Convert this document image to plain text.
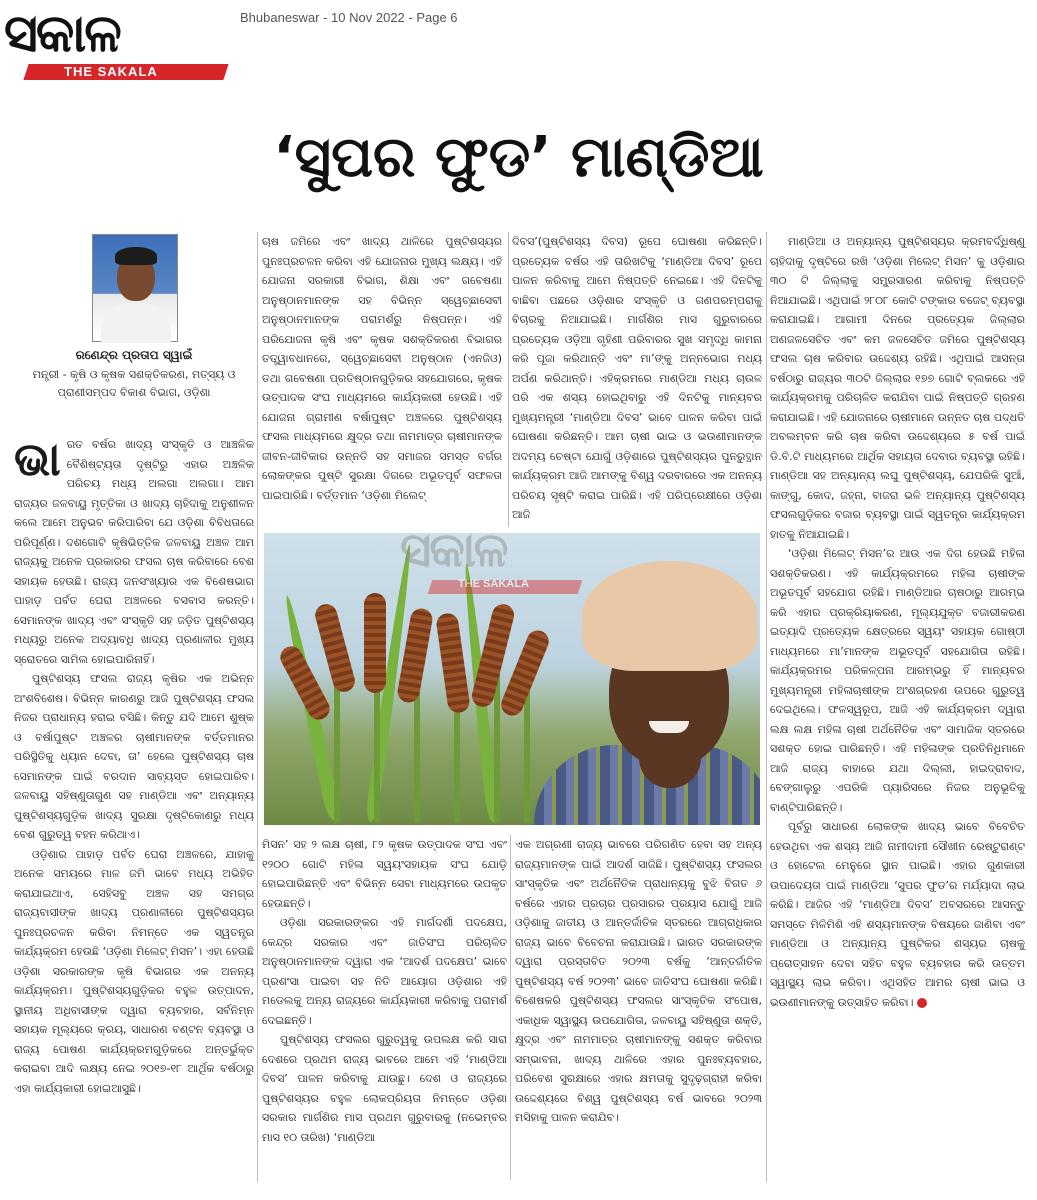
ସକାଳ
THE SAKALA
Bhubaneswar - 10 Nov 2022 - Page 6
‘ସୁପର ଫୁଡ’ ମାଣ୍ଡିଆ
ରଣେନ୍ଦ୍ର ପ୍ରତାପ ସ୍ୱାଇଁ
ମନ୍ତ୍ରୀ - କୃଷି ଓ କୃଷକ ସଶକ୍ତିକରଣ, ମତ୍ସ୍ୟ ଓ ପ୍ରାଣୀସମ୍ପଦ ବିକାଶ ବିଭାଗ, ଓଡ଼ିଶା

ଭାରତ ବର୍ଷର ଖାଦ୍ୟ ସଂସ୍କୃତି ଓ ଆଞ୍ଚଳିକ ବୈଶିଷ୍ଟ୍ୟତା ଦୃଷ୍ଟିରୁ ଏହାର ଅଞ୍ଚଳିକ ପରିଚୟ ମଧ୍ୟ ଅଲଗା ଅଲଗା। ଆମ ରାଜ୍ୟର ଜଳବାୟୁ ମୃତ୍ତିକା ଓ ଖାଦ୍ୟ ଚାହିଦାକୁ ଅନୁଶୀଳନ କଲେ ଆମେ ଅନୁଭବ କରିପାରିବା ଯେ ଓଡ଼ିଶା ବିବିଧତାରେ ପରିପୂର୍ଣ୍ଣ। ଦଶଗୋଟି କୃଷିଭିତ୍ତିକ ଜଳବାୟୁ ଅଞ୍ଚଳ ଆମ ରାଜ୍ୟକୁ ଅନେକ ପ୍ରକାରର ଫସଲ ଚାଷ କରିବାରେ ବେଶ ସହାୟକ ହେଉଛି। ରାଜ୍ୟ ଜନସଂଖ୍ୟାର ଏକ ବିଶେଷଭାଗ ପାହାଡ଼ ପର୍ବତ ଘେରା ଅଞ୍ଚଳରେ ବସବାସ କରନ୍ତି। ସେମାନଙ୍କ ଖାଦ୍ୟ ଏବଂ ସଂସ୍କୃତି ସହ ଜଡ଼ିତ ପୁଷ୍ଟିଶସ୍ୟ ମଧ୍ୟରୁ ଅନେକ ଅଦ୍ୟାବଧି ଖାଦ୍ୟ ପ୍ରଣାଳୀର ମୁଖ୍ୟ ସ୍ରୋତରେ ସାମିଲ ହୋଇପାରିନାହିଁ।

ପୁଷ୍ଟିଶସ୍ୟ ଫସଲ ରାଜ୍ୟ କୃଷିର ଏକ ଅଭିନ୍ନ ଅଂଶବିଶେଷ। ବିଭିନ୍ନ କାରଣରୁ ଆଜି ପୁଷ୍ଟିଶସ୍ୟ ଫସଲ ନିଜର ପ୍ରାଧାନ୍ୟ ହରାଇ ବସିଛି। କିନ୍ତୁ ଯଦି ଆମେ ଶୁଷ୍କ ଓ ବର୍ଷାପୁଷ୍ଟ ଅଞ୍ଚଳର ଚାଷୀମାନଙ୍କ ବର୍ତ୍ତମାନର ପରିସ୍ଥିତିକୁ ଧ୍ୟାନ ଦେବା, ତା’ ହେଲେ ପୁଷ୍ଟିଶସ୍ୟ ଚାଷ ସେମାନଙ୍କ ପାଇଁ ବରଦାନ ସାବ୍ୟସ୍ତ ହୋଇପାରିବ। ଜଳବାୟୁ ସହିଷ୍ଣୁତାଗୁଣ ସହ ମାଣ୍ଡିଆ ଏବଂ ଅନ୍ୟାନ୍ୟ ପୁଷ୍ଟିଶସ୍ୟଗୁଡ଼ିକ ଖାଦ୍ୟ ସୁରକ୍ଷା ଦୃଷ୍ଟିକୋଣରୁ ମଧ୍ୟ ବେଶ ଗୁରୁତ୍ୱ ବହନ କରିଥାଏ।

ଓଡ଼ିଶାର ପାହାଡ଼ ପର୍ବତ ଘେରା ଅଞ୍ଚଳରେ, ଯାହାକୁ ଅନେକ ସମୟରେ ମାଳ ଜମି ଭାବେ ମଧ୍ୟ ଅଭିହିତ କରାଯାଇଥାଏ, ସେହିସବୁ ଅଞ୍ଚଳ ସହ ସମଗ୍ର ରାଜ୍ୟବାସୀଙ୍କ ଖାଦ୍ୟ ପ୍ରଣାଳୀରେ ପୁଷ୍ଟିଶସ୍ୟର ପୁନଃପ୍ରଚଳନ କରିବା ନିମନ୍ତେ ଏକ ସ୍ୱତନ୍ତ୍ର କାର୍ଯ୍ୟକ୍ରମ ହେଉଛି ‘ଓଡ଼ିଶା ମିଲେଟ୍ ମିସନ’। ଏହା ହେଉଛି ଓଡ଼ିଶା ସରକାରଙ୍କ କୃଷି ବିଭାଗର ଏକ ଅନନ୍ୟ କାର୍ଯ୍ୟକ୍ରମ। ପୁଷ୍ଟିଶସ୍ୟଗୁଡ଼ିକର ବହୁଳ ଉତ୍ପାଦନ, ସ୍ଥାନୀୟ ଅଧିବାସୀଙ୍କ ଦ୍ୱାରା ବ୍ୟବହାର, ସର୍ବନିମ୍ନ ସହାୟକ ମୂଲ୍ୟରେ କ୍ରୟ, ସାଧାରଣ ବଣ୍ଟନ ବ୍ୟବସ୍ଥା ଓ ରାଜ୍ୟ ପୋଷଣ କାର୍ଯ୍ୟକ୍ରମଗୁଡ଼ିକରେ ଅନ୍ତର୍ଭୁକ୍ତ କରାଇବା ଆଦି ଲକ୍ଷ୍ୟ ନେଇ ୨୦୧୭-୧୮ ଆର୍ଥିକ ବର୍ଷଠାରୁ ଏହା କାର୍ଯ୍ୟକାରୀ ହୋଇଆସୁଛି।

ଚାଷ ଜମିରେ ଏବଂ ଖାଦ୍ୟ ଥାଳିରେ ପୁଷ୍ଟିଶସ୍ୟର ପୁନଃପ୍ରଚଳନ କରିବା ଏହି ଯୋଜନାର ମୁଖ୍ୟ ଲକ୍ଷ୍ୟ। ଏହି ଯୋଜନା ସରକାରୀ ବିଭାଗ, ଶିକ୍ଷା ଏବଂ ଗବେଷଣା ଅନୁଷ୍ଠାନମାନଙ୍କ ସହ ବିଭିନ୍ନ ସ୍ୱେଚ୍ଛାସେବୀ ଅନୁଷ୍ଠାନମାନଙ୍କ ପରାମର୍ଶରୁ ନିଷ୍ପନ୍ନ। ଏହି ପରିଯୋଜନା କୃଷି ଏବଂ କୃଷକ ସଶକ୍ତିକରଣ ବିଭାଗର ତତ୍ତ୍ୱାବଧାନରେ, ସ୍ୱେଚ୍ଛାସେବୀ ଅନୁଷ୍ଠାନ (ଏନଜିଓ) ତଥା ଗବେଷଣା ପ୍ରତିଷ୍ଠାନଗୁଡ଼ିକର ସହଯୋଗରେ, କୃଷକ ଉତ୍ପାଦକ ସଂଘ ମାଧ୍ୟମରେ କାର୍ଯ୍ୟକାରୀ ହେଉଛି। ଏହି ଯୋଜନା ଗ୍ରାମୀଣ ବର୍ଷାପୁଷ୍ଟ ଅଞ୍ଚଳରେ ପୁଷ୍ଟିଶସ୍ୟ ଫସଲ ମାଧ୍ୟମରେ କ୍ଷୁଦ୍ର ତଥା ନାମମାତ୍ର ଚାଷୀମାନଙ୍କ ଜୀବନ-ଜୀବିକାର ଉନ୍ନତି ସହ ସମାଜର ସମସ୍ତ ବର୍ଗର ଲୋକଙ୍କର ପୁଷ୍ଟି ସୁରକ୍ଷା ଦିଗରେ ଅଭୂତପୂର୍ବ ସଫଳତା ପାଇପାରିଛି। ବର୍ତ୍ତମାନ ‘ଓଡ଼ିଶା ମିଲେଟ୍

ଦିବସ’(ପୁଷ୍ଟିଶସ୍ୟ ଦିବସ) ରୂପେ ଘୋଷଣା କରିଛନ୍ତି। ପ୍ରତ୍ୟେକ ବର୍ଷର ଏହି ତାରିଖଟିକୁ ‘ମାଣ୍ଡିଆ ଦିବସ’ ରୂପେ ପାଳନ କରିବାକୁ ଆମେ ନିଷ୍ପତ୍ତି ନେଇଛେ। ଏହି ଦିନଟିକୁ ବାଛିବା ପଛରେ ଓଡ଼ିଶାର ସଂସ୍କୃତି ଓ ଗଣପରମ୍ପରାକୁ ବିଚାରକୁ ନିଆଯାଇଛି। ମାର୍ଗଶିର ମାସ ଗୁରୁବାରରେ ପ୍ରତ୍ୟେକ ଓଡ଼ିଆ ଗୃହିଣୀ ପରିବାରର ସୁଖ ସମୃଦ୍ଧି କାମନା କରି ପୂଜା କରିଥାନ୍ତି ଏବଂ ମା’ଙ୍କୁ ଅନ୍ନଭୋଗ ମଧ୍ୟ ଅର୍ପଣ କରିଥାନ୍ତି। ଏହିକ୍ରମରେ ମାଣ୍ଡିଆ ମଧ୍ୟ ଚାଉଳ ପରି ଏକ ଶସ୍ୟ ହୋଇଥିବାରୁ ଏହି ଦିନଟିକୁ ମାନ୍ୟବର ମୁଖ୍ୟମନ୍ତ୍ରୀ ‘ମାଣ୍ଡିଆ ଦିବସ’ ଭାବେ ପାଳନ କରିବା ପାଇଁ ଘୋଷଣା କରିଛନ୍ତି। ଆମ ଚାଷୀ ଭାଇ ଓ ଭଉଣୀମାନଙ୍କ ଅଦମ୍ୟ ଚେଷ୍ଟା ଯୋଗୁଁ ଓଡ଼ିଶାରେ ପୁଷ୍ଟିଶସ୍ୟର ପୁନରୁତ୍ଥାନ କାର୍ଯ୍ୟକ୍ରମ ଆଜି ଆମଙ୍କୁ ବିଶ୍ୱ ଦରବାରରେ ଏକ ଅନନ୍ୟ ପରିଚୟ ସୃଷ୍ଟି କରାଇ ପାରିଛି। ଏହି ପରିପ୍ରେକ୍ଷୀରେ ଓଡ଼ିଶା ଆଜି

ସକାଳ
THE SAKALA

ମିସନ’ ସହ ୨ ଲକ୍ଷ ଚାଷୀ, ୮୨ କୃଷକ ଉତ୍ପାଦକ ସଂଘ ଏବଂ ୧୨୦୦ ଗୋଟି ମହିଳା ସ୍ୱୟଂସହାୟକ ସଂଘ ଯୋଡ଼ି ହୋଇପାରିଛନ୍ତି ଏବଂ ବିଭିନ୍ନ ସେବା ମାଧ୍ୟମରେ ଉପକୃତ ହେଉଛନ୍ତି।

ଓଡ଼ିଶା ସରକାରଙ୍କର ଏହି ମାର୍ଗଦର୍ଶୀ ପଦକ୍ଷେପ, କେନ୍ଦ୍ର ସରକାର ଏବଂ ଜାତିସଂଘ ପରିଚାଳିତ ଅନୁଷ୍ଠାନମାନଙ୍କ ଦ୍ୱାରା ଏକ ‘ଆଦର୍ଶ ପଦକ୍ଷେପ’ ଭାବେ ପ୍ରଶଂସା ପାଇବା ସହ ନିତି ଆୟୋଗ ଓଡ଼ିଶାର ଏହି ମଡେଲକୁ ଅନ୍ୟ ରାଜ୍ୟରେ କାର୍ଯ୍ୟକାରୀ କରିବାକୁ ପରାମର୍ଶ ଦେଇଛନ୍ତି।

ପୁଷ୍ଟିଶସ୍ୟ ଫସଲର ଗୁରୁତ୍ୱକୁ ଉପଲକ୍ଷ କରି ସାରା ଦେଶରେ ପ୍ରଥମ ରାଜ୍ୟ ଭାବରେ ଆମେ ଏହି ‘ମାଣ୍ଡିଆ ଦିବସ’ ପାଳନ କରିବାକୁ ଯାଉଛୁ। ଦେଶ ଓ ରାଜ୍ୟରେ ପୁଷ୍ଟିଶସ୍ୟର ବହୁଳ ଲୋକପ୍ରିୟତା ନିମନ୍ତେ ଓଡ଼ିଶା ସରକାର ମାର୍ଗଶିର ମାସ ପ୍ରଥମ ଗୁରୁବାରକୁ (ନଭେମ୍ବର ମାସ ୧୦ ତାରିଖ) ‘ମାଣ୍ଡିଆ

ଏକ ଅଗ୍ରଣୀ ରାଜ୍ୟ ଭାବରେ ପରିଗଣିତ ହେବା ସହ ଅନ୍ୟ ରାଜ୍ୟମାନଙ୍କ ପାଇଁ ଆଦର୍ଶ ସାଜିଛି। ପୁଷ୍ଟିଶସ୍ୟ ଫସଲର ସାଂସ୍କୃତିକ ଏବଂ ଅର୍ଥନୈତିକ ପ୍ରାଧାନ୍ୟକୁ ବୁଝି ବିଗତ ୬ ବର୍ଷରେ ଏହାର ପ୍ରଚାର ପ୍ରସାରର ପ୍ରୟାସ ଯୋଗୁଁ ଆଜି ଓଡ଼ିଶାକୁ ଜାତୀୟ ଓ ଆନ୍ତର୍ଜାତିକ ସ୍ତରରେ ଆଗ୍ରାଧିକାର ରାଜ୍ୟ ଭାବେ ବିବେଚନା କରାଯାଉଛି। ଭାରତ ସରକାରଙ୍କ ଦ୍ୱାରା ପ୍ରସ୍ତାବିତ ୨୦୨୩ ବର୍ଷକୁ ‘ଆନ୍ତର୍ଜାତିକ ପୁଷ୍ଟିଶସ୍ୟ ବର୍ଷ ୨୦୨୩’ ଭାବେ ଜାତିସଂଘ ଘୋଷଣା କରିଛି। ବିଶେଷକରି ପୁଷ୍ଟିଶସ୍ୟ ଫସଲର ସାଂସ୍କୃତିକ ସଂପୋଷ, ଏକାଧିକ ସ୍ୱାସ୍ଥ୍ୟ ଉପଯୋଗିତା, ଜଳବାୟୁ ସହିଷ୍ଣୁତା ଶକ୍ତି, କ୍ଷୁଦ୍ର ଏବଂ ନାମମାତ୍ର ଚାଷୀମାନଙ୍କୁ ସଶକ୍ତ କରିବାର ସମ୍ଭାବନା, ଖାଦ୍ୟ ଥାଳିରେ ଏହାର ପୁନଃବ୍ୟବହାର, ପରିବେଶ ସୁରକ୍ଷାରେ ଏହାର କ୍ଷମତାକୁ ସୁଦୃଢ଼ଗ୍ରାହୀ କରିବା ଉଦ୍ଦେଶ୍ୟରେ ବିଶ୍ୱ ପୁଷ୍ଟିଶସ୍ୟ ବର୍ଷ ଭାବରେ ୨୦୨୩ ମସିହାକୁ ପାଳନ କରାଯିବ।

ମାଣ୍ଡିଆ ଓ ଅନ୍ୟାନ୍ୟ ପୁଷ୍ଟିଶସ୍ୟର କ୍ରମବର୍ଦ୍ଧିଷ୍ଣୁ ଚାହିଦାକୁ ଦୃଷ୍ଟିରେ ରଖି ‘ଓଡ଼ିଶା ମିଲେଟ୍ ମିସନ’ କୁ ଓଡ଼ିଶାର ୩୦ ଟି ଜିଲ୍ଲାକୁ ସମ୍ପ୍ରସାରଣ କରିବାକୁ ନିଷ୍ପତ୍ତି ନିଆଯାଇଛି। ଏଥିପାଇଁ ୨୮୦୮ କୋଟି ଟଙ୍କାର ବଜେଟ୍ ବ୍ୟବସ୍ଥା କରାଯାଇଛି। ଆଗାମୀ ଦିନରେ ପ୍ରତ୍ୟେକ ଜିଲ୍ଲାର ଅଣଜଳସେଚିତ ଏବଂ କମ ଜଳସେଚିତ ଜମିରେ ପୁଷ୍ଟିଶସ୍ୟ ଫସଲ ଚାଷ କରିବାର ଉଦ୍ଦେଶ୍ୟ ରହିଛି। ଏଥିପାଇଁ ଆସନ୍ତା ବର୍ଷଠାରୁ ରାଜ୍ୟର ୩୦ଟି ଜିଲ୍ଲାର ୧୭୭ ଗୋଟି ବ୍ଲକରେ ଏହି କାର୍ଯ୍ୟକ୍ରମକୁ ପରିଚାଳିତ କରାଯିବା ପାଇଁ ନିଷ୍ପତ୍ତି ଗ୍ରହଣ କରାଯାଇଛି। ଏହି ଯୋଜନାରେ ଚାଷୀମାନେ ଉନ୍ନତ ଚାଷ ପଦ୍ଧତି ଅବଲମ୍ବନ କରି ଚାଷ କରିବା ଉଦ୍ଦେଶ୍ୟରେ ୫ ବର୍ଷ ପାଇଁ ଡି.ବି.ଟି ମାଧ୍ୟମରେ ଆର୍ଥିକ ସହାୟତା ଦେବାର ବ୍ୟବସ୍ଥା ରହିଛି। ମାଣ୍ଡିଆ ସହ ଅନ୍ୟାନ୍ୟ ଲଘୁ ପୁଷ୍ଟିଶସ୍ୟ, ଯେପରିକି ସୁଆଁ, କାଙ୍ଗୁ, କୋଦ, ଜହ୍ନା, ବାଜରା ଭଳି ଅନ୍ୟାନ୍ୟ ପୁଷ୍ଟିଶସ୍ୟ ଫସଲଗୁଡ଼ିକର ବଜାର ବ୍ୟବସ୍ଥା ପାଇଁ ସ୍ୱତନ୍ତ୍ର କାର୍ଯ୍ୟକ୍ରମ ହାତକୁ ନିଆଯାଇଛି।

‘ଓଡ଼ିଶା ମିଲେଟ୍ ମିସନ’ର ଆଉ ଏକ ଦିଗ ହେଉଛି ମହିଳା ସଶକ୍ତିକରଣ। ଏହି କାର୍ଯ୍ୟକ୍ରମରେ ମହିଳା ଚାଷୀଙ୍କ ଅଭୂତପୂର୍ବ ସହଯୋଗ ରହିଛି। ମାଣ୍ଡିଆର ଚାଷଠାରୁ ଆରମ୍ଭ କରି ଏହାର ପ୍ରକ୍ରିୟାକରଣ, ମୂଲ୍ୟଯୁକ୍ତ ବଜାରୀକରଣ ଇତ୍ୟାଦି ପ୍ରତ୍ୟେକ କ୍ଷେତ୍ରରେ ସ୍ୱୟଂ ସହାୟକ ଗୋଷ୍ଠୀ ମାଧ୍ୟମରେ ମା’ମାନଙ୍କ ଅଭୂତପୂର୍ବ ସହଯୋଗିତା ରହିଛି। କାର୍ଯ୍ୟକ୍ରମର ପରିକଳ୍ପନା ଆରମ୍ଭରୁ ହିଁ ମାନ୍ୟବର ମୁଖ୍ୟମନ୍ତ୍ରୀ ମହିଳାଚାଷୀଙ୍କ ଅଂଶଗ୍ରହଣ ଉପରେ ଗୁରୁତ୍ୱ ଦେଇଥିଲେ। ଫଳସ୍ୱରୂପ, ଆଜି ଏହି କାର୍ଯ୍ୟକ୍ରମ ଦ୍ୱାରା ଲକ୍ଷ ଲକ୍ଷ ମହିଳା ଚାଷୀ ଅର୍ଥନୈତିକ ଏବଂ ସାମାଜିକ ସ୍ତରରେ ସଶକ୍ତ ହୋଇ ପାରିଛନ୍ତି। ଏହି ମହିଳାଙ୍କ ପ୍ରତିନିଧିମାନେ ଆଜି ରାଜ୍ୟ ବାହାରେ ଯଥା ଦିଲ୍ଲୀ, ହାଇଦ୍ରାବାଦ, ବେଙ୍ଗାଲୁରୁ ଏପରିକି ପ୍ୟାରିସରେ ନିଜର ଅନୁଭୂତିକୁ ବାଣ୍ଟିପାରିଛନ୍ତି।

ପୂର୍ବରୁ ସାଧାରଣ ଲୋକଙ୍କ ଖାଦ୍ୟ ଭାବେ ବିବେଚିତ ହେଉଥିବା ଏକ ଶସ୍ୟ ଆଜି ନାମୀଦାମୀ ସୌଖୀନ ରେଷ୍ଟୁରାଣ୍ଟ ଓ ହୋଟେଲ ମେନୁରେ ସ୍ଥାନ ପାଇଛି। ଏହାର ଗୁଣକାରୀ ଉପାଦେୟତା ପାଇଁ ମାଣ୍ଡିଆ ‘ସୁପର ଫୁଡ’ର ମର୍ଯ୍ୟାଦା ଲାଭ କରିଛି। ଆଜିର ଏହି ‘ମାଣ୍ଡିଆ ଦିବସ’ ଅବସରରେ ଆସନ୍ତୁ ସମସ୍ତେ ମିଳିମିଶି ଏହି ଶସ୍ୟମାନଙ୍କ ବିଷୟରେ ଜାଣିବା ଏବଂ ମାଣ୍ଡିଆ ଓ ଅନ୍ୟାନ୍ୟ ପୁଷ୍ଟିକର ଶସ୍ୟର ଚାଷକୁ ପ୍ରୋତ୍ସାହନ ଦେବା ସହିତ ବହୁଳ ବ୍ୟବହାର କରି ଉତ୍ତମ ସ୍ୱାସ୍ଥ୍ୟ ଲାଭ କରିବା। ଏଥିସହିତ ଆମର ଚାଷୀ ଭାଇ ଓ ଭଉଣୀମାନଙ୍କୁ ଉତ୍ସାହିତ କରିବା।
